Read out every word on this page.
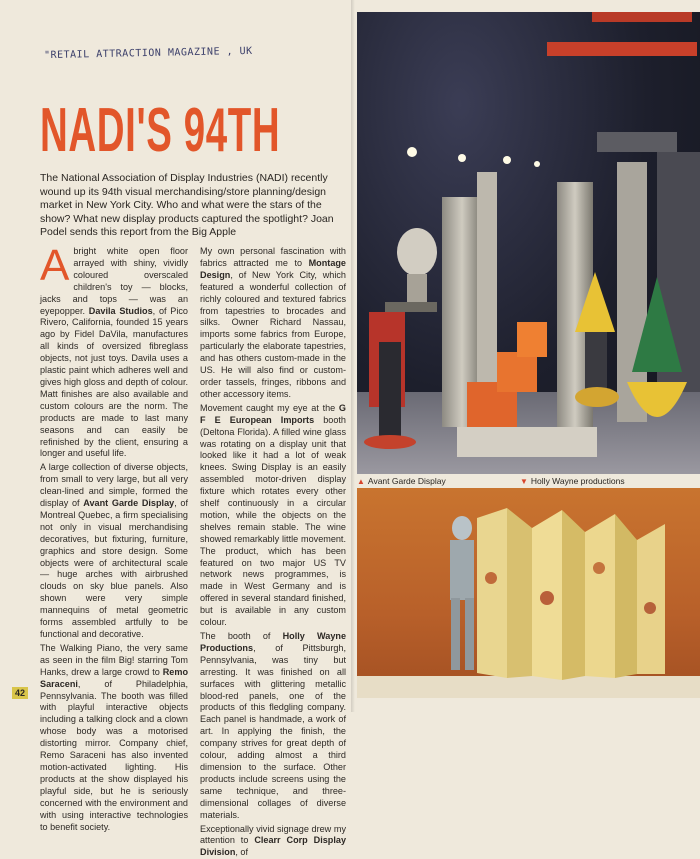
"RETAIL ATTRACTION MAGAZINE , UK
NADI'S 94TH
The National Association of Display Industries (NADI) recently wound up its 94th visual merchandising/store planning/design market in New York City. Who and what were the stars of the show? What new display products captured the spotlight? Joan Podel sends this report from the Big Apple

Abright white open floor arrayed with shiny, vividly coloured overscaled children's toy — blocks, jacks and tops — was an eyepopper. Davila Studios, of Pico Rivero, California, founded 15 years ago by Fidel DaVila, manufactures all kinds of oversized fibreglass objects, not just toys. Davila uses a plastic paint which adheres well and gives high gloss and depth of colour. Matt finishes are also available and custom colours are the norm. The products are made to last many seasons and can easily be refinished by the client, ensuring a longer and useful life.

A large collection of diverse objects, from small to very large, but all very clean-lined and simple, formed the display of Avant Garde Display, of Montreal Quebec, a firm specialising not only in visual merchandising decoratives, but fixturing, furniture, graphics and store design. Some objects were of architectural scale — huge arches with airbrushed clouds on sky blue panels. Also shown were very simple mannequins of metal geometric forms assembled artfully to be functional and decorative.

The Walking Piano, the very same as seen in the film Big! starring Tom Hanks, drew a large crowd to Remo Saraceni, of Philadelphia, Pennsylvania. The booth was filled with playful interactive objects including a talking clock and a clown whose body was a motorised distorting mirror. Company chief, Remo Saraceni has also invented motion-activated lighting. His products at the show displayed his playful side, but he is seriously concerned with the environment and with using interactive technologies to benefit society.

My own personal fascination with fabrics attracted me to Montage Design, of New York City, which featured a wonderful collection of richly coloured and textured fabrics from tapestries to brocades and silks. Owner Richard Nassau, imports some fabrics from Europe, particularly the elaborate tapestries, and has others custom-made in the US. He will also find or custom-order tassels, fringes, ribbons and other accessory items.

Movement caught my eye at the G F E European Imports booth (Deltona Florida). A filled wine glass was rotating on a display unit that looked like it had a lot of weak knees. Swing Display is an easily assembled motor-driven display fixture which rotates every other shelf continuously in a circular motion, while the objects on the shelves remain stable. The wine showed remarkably little movement. The product, which has been featured on two major US TV network news programmes, is made in West Germany and is offered in several standard finished, but is available in any custom colour.

The booth of Holly Wayne Productions, of Pittsburgh, Pennsylvania, was tiny but arresting. It was finished on all surfaces with glittering metallic blood-red panels, one of the products of this fledgling company. Each panel is handmade, a work of art. In applying the finish, the company strives for great depth of colour, adding almost a third dimension to the surface. Other products include screens using the same technique, and three-dimensional collages of diverse materials.

Exceptionally vivid signage drew my attention to Clearr Corp Display Division, of

▲ Avant Garde Display	▼ Holly Wayne productions
42
